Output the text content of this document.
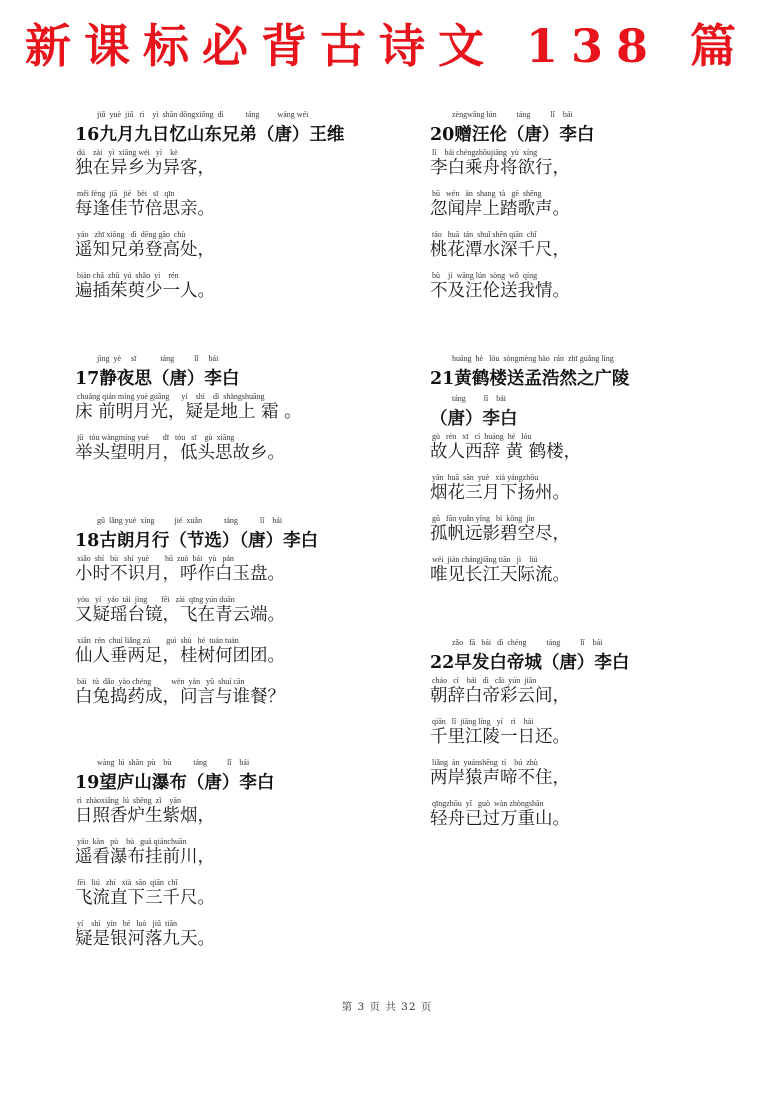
新课标必背古诗文 138 篇
jiǔ  yuè  jiǔ   rì    yì  shān dōngxiōng  dì           táng         wáng wéi
16九月九日忆山东兄弟（唐）王维
dú    zài   yì  xiāng wéi   yì    kè
独在异乡为异客，
měi féng  jiā   jié   bèi   sī   qīn
每逢佳节倍思亲。
yáo   zhī xiōng   dì  dēng gāo  chù
遥知兄弟登高处，
biàn chā  zhū  yú  shǎo  yì    rén
遍插茱萸少一人。
jìng  yè     sī            táng          lǐ     bái
17静夜思（唐）李白
chuáng qián míng yuè guāng      yí    shì    dì  shàngshuāng
床 前明月光，疑是地上 霜 。
jǔ   tóu wàngmíng yuè       dī   tóu   sī    gù  xiāng
举头望明月，低头思故乡。
gǔ  lǎng yuè  xíng          jié  xuǎn           táng           lǐ    bái
18古朗月行（节选）（唐）李白
xiǎo  shí   bù   shí  yuè        hū  zuò  bái   yù   pán
小时不识月，呼作白玉盘。
yòu   yí   yáo  tái  jìng       fēi   zài  qīng yún duān
又疑瑶台镜，飞在青云端。
xiān  rén  chuí liǎng zú        guì  shù   hé  tuán tuán
仙人垂两足，桂树何团团。
bái   tù  dǎo  yào chéng          wèn  yán   yǔ  shuí cān
白兔捣药成，问言与谁餐？
wàng  lú  shān  pù    bù           táng          lǐ    bái
19望庐山瀑布（唐）李白
rì  zhàoxiāng  lú  shēng  zǐ    yān
日照香炉生紫烟，
yáo  kàn   pù    bù   guà qiánchuān
遥看瀑布挂前川，
fēi   liú   zhí   xià  sān  qiān  chǐ
飞流直下三千尺。
yí    shì   yín   hé   luò   jiǔ  tiān
疑是银河落九天。
zèngwāng lún          táng          lǐ    bái
20赠汪伦（唐）李白
lǐ    bái chéngzhōujiāng  yù  xíng
李白乘舟将欲行，
hū   wén   àn  shang  tà   gē  shēng
忽闻岸上踏歌声。
táo   huā  tán  shuǐ shēn qiān  chǐ
桃花潭水深千尺，
bù    jí  wāng lún  sòng  wǒ  qíng
不及汪伦送我情。
huáng  hè   lóu  sòngmèng hào  rán  zhī guǎng líng
21黄鹤楼送孟浩然之广陵
táng         lǐ    bái
（唐）李白
gù   rén   xī   cí  huáng  hè   lóu
故人西辞 黄 鹤楼，
yān  huā  sān  yuè   xià yángzhōu
烟花三月下扬州。
gū   fān yuǎn yǐng   bì  kōng  jìn
孤帆远影碧空尽，
wéi  jiàn chángjiāng tiān   jì    liú
唯见长江天际流。
zǎo   fā   bái   dì  chéng          táng          lǐ    bái
22早发白帝城（唐）李白
cháo   cí    bái   dì   cǎi  yún  jiān
朝辞白帝彩云间，
qiān   lǐ  jiāng líng   yí    rì    hái
千里江陵一日还。
liǎng  àn  yuánshēng  tí    bú  zhù
两岸猿声啼不住，
qīngzhōu  yǐ   guò  wàn zhòngshān
轻舟已过万重山。
第 3 页 共 32 页
